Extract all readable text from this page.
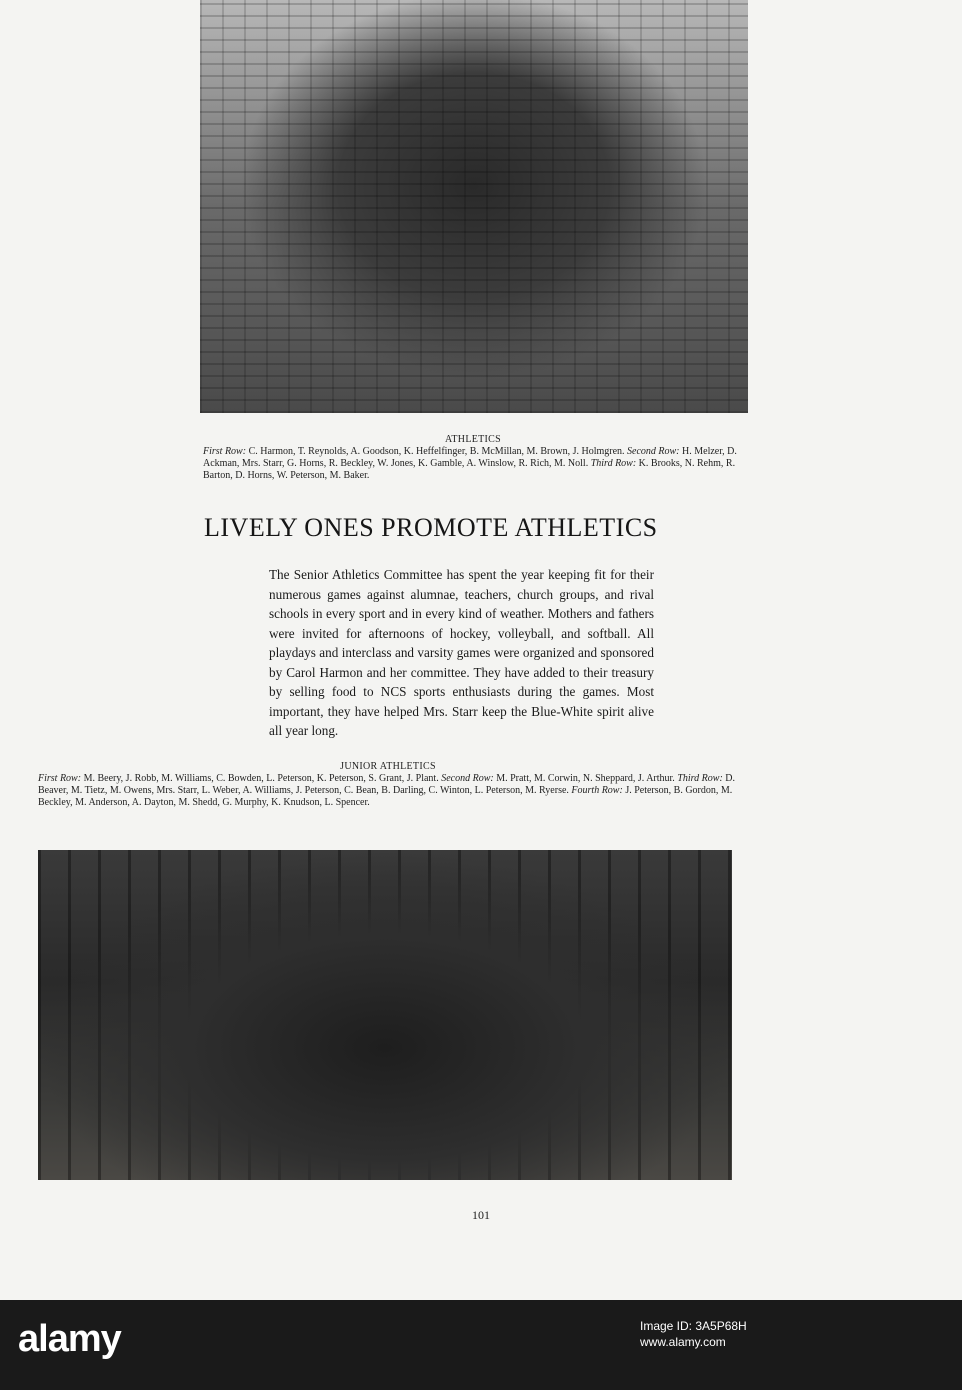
ATHLETICS
First Row: C. Harmon, T. Reynolds, A. Goodson, K. Heffelfinger, B. McMillan, M. Brown, J. Holmgren. Second Row: H. Melzer, D. Ackman, Mrs. Starr, G. Horns, R. Beckley, W. Jones, K. Gamble, A. Winslow, R. Rich, M. Noll. Third Row: K. Brooks, N. Rehm, R. Barton, D. Horns, W. Peterson, M. Baker.
LIVELY ONES PROMOTE ATHLETICS
The Senior Athletics Committee has spent the year keeping fit for their numerous games against alumnae, teachers, church groups, and rival schools in every sport and in every kind of weather. Mothers and fathers were invited for afternoons of hockey, volleyball, and softball. All playdays and interclass and varsity games were organized and sponsored by Carol Harmon and her committee. They have added to their treasury by selling food to NCS sports enthusiasts during the games. Most important, they have helped Mrs. Starr keep the Blue-White spirit alive all year long.
JUNIOR ATHLETICS
First Row: M. Beery, J. Robb, M. Williams, C. Bowden, L. Peterson, K. Peterson, S. Grant, J. Plant. Second Row: M. Pratt, M. Corwin, N. Sheppard, J. Arthur. Third Row: D. Beaver, M. Tietz, M. Owens, Mrs. Starr, L. Weber, A. Williams, J. Peterson, C. Bean, B. Darling, C. Winton, L. Peterson, M. Ryerse. Fourth Row: J. Peterson, B. Gordon, M. Beckley, M. Anderson, A. Dayton, M. Shedd, G. Murphy, K. Knudson, L. Spencer.
101
alamy	Image ID: 3A5P68H
www.alamy.com
